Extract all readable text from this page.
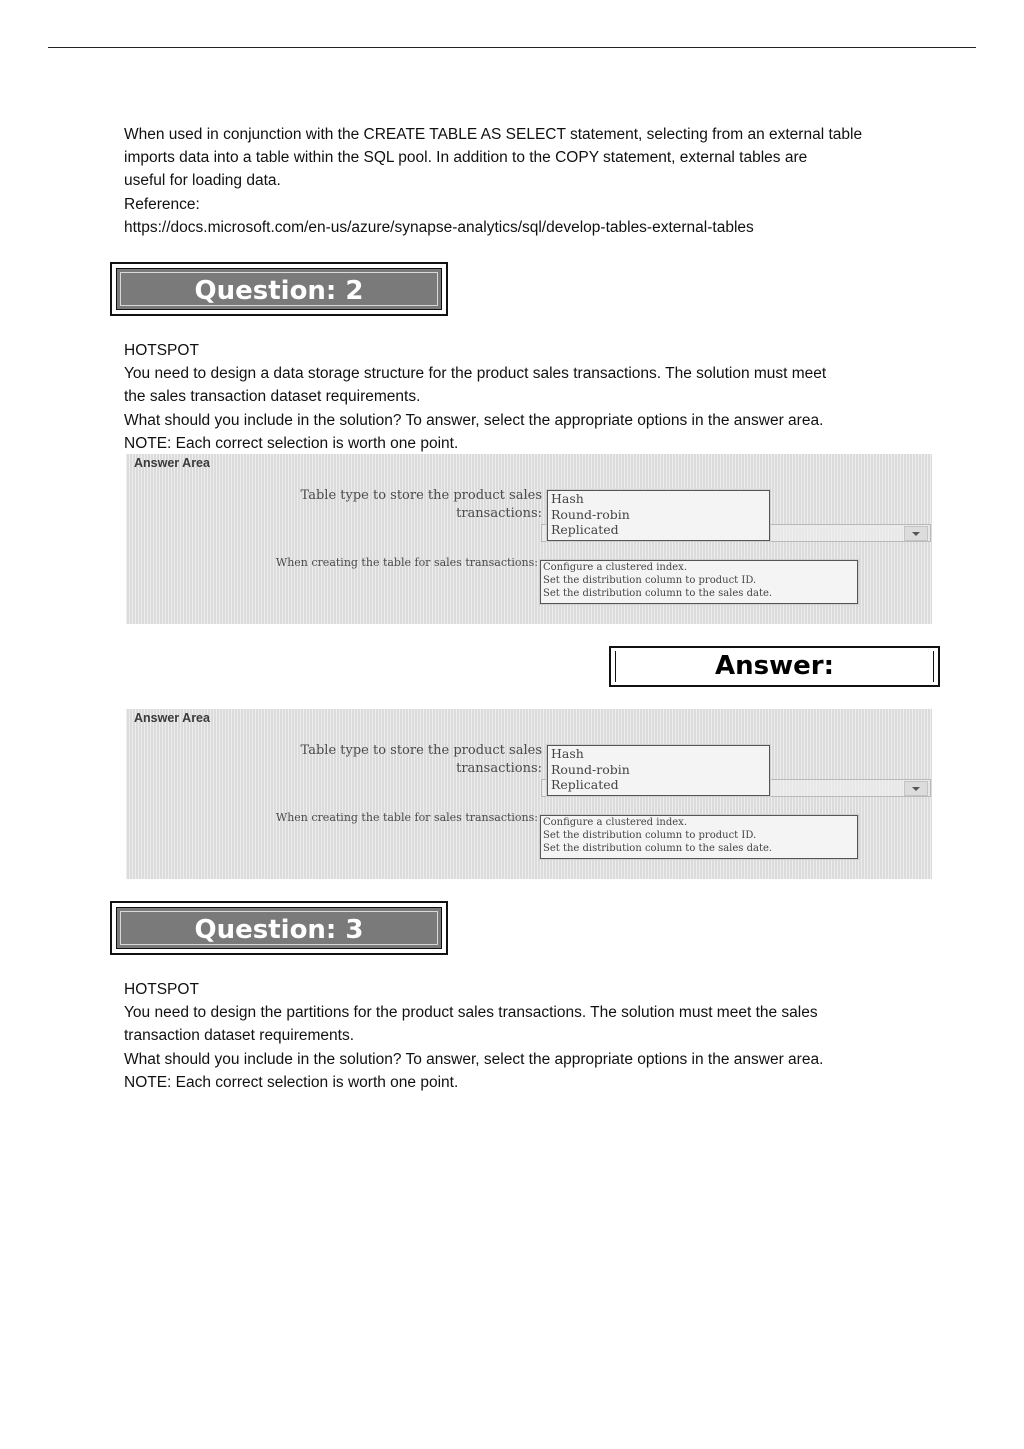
When used in conjunction with the CREATE TABLE AS SELECT statement, selecting from an external table
imports data into a table within the SQL pool. In addition to the COPY statement, external tables are
useful for loading data.
Reference:
https://docs.microsoft.com/en-us/azure/synapse-analytics/sql/develop-tables-external-tables
Question: 2
HOTSPOT
You need to design a data storage structure for the product sales transactions. The solution must meet
the sales transaction dataset requirements.
What should you include in the solution? To answer, select the appropriate options in the answer area.
NOTE: Each correct selection is worth one point.
Answer Area
Table type to store the product sales
transactions:
Hash
Round-robin
Replicated
When creating the table for sales transactions: Configure a clustered index.
Set the distribution column to product ID.
Set the distribution column to the sales date.
Answer:
Answer Area
Table type to store the product sales
transactions:
Hash
Round-robin
Replicated
When creating the table for sales transactions: Configure a clustered index.
Set the distribution column to product ID.
Set the distribution column to the sales date.
Question: 3
HOTSPOT
You need to design the partitions for the product sales transactions. The solution must meet the sales
transaction dataset requirements.
What should you include in the solution? To answer, select the appropriate options in the answer area.
NOTE: Each correct selection is worth one point.
